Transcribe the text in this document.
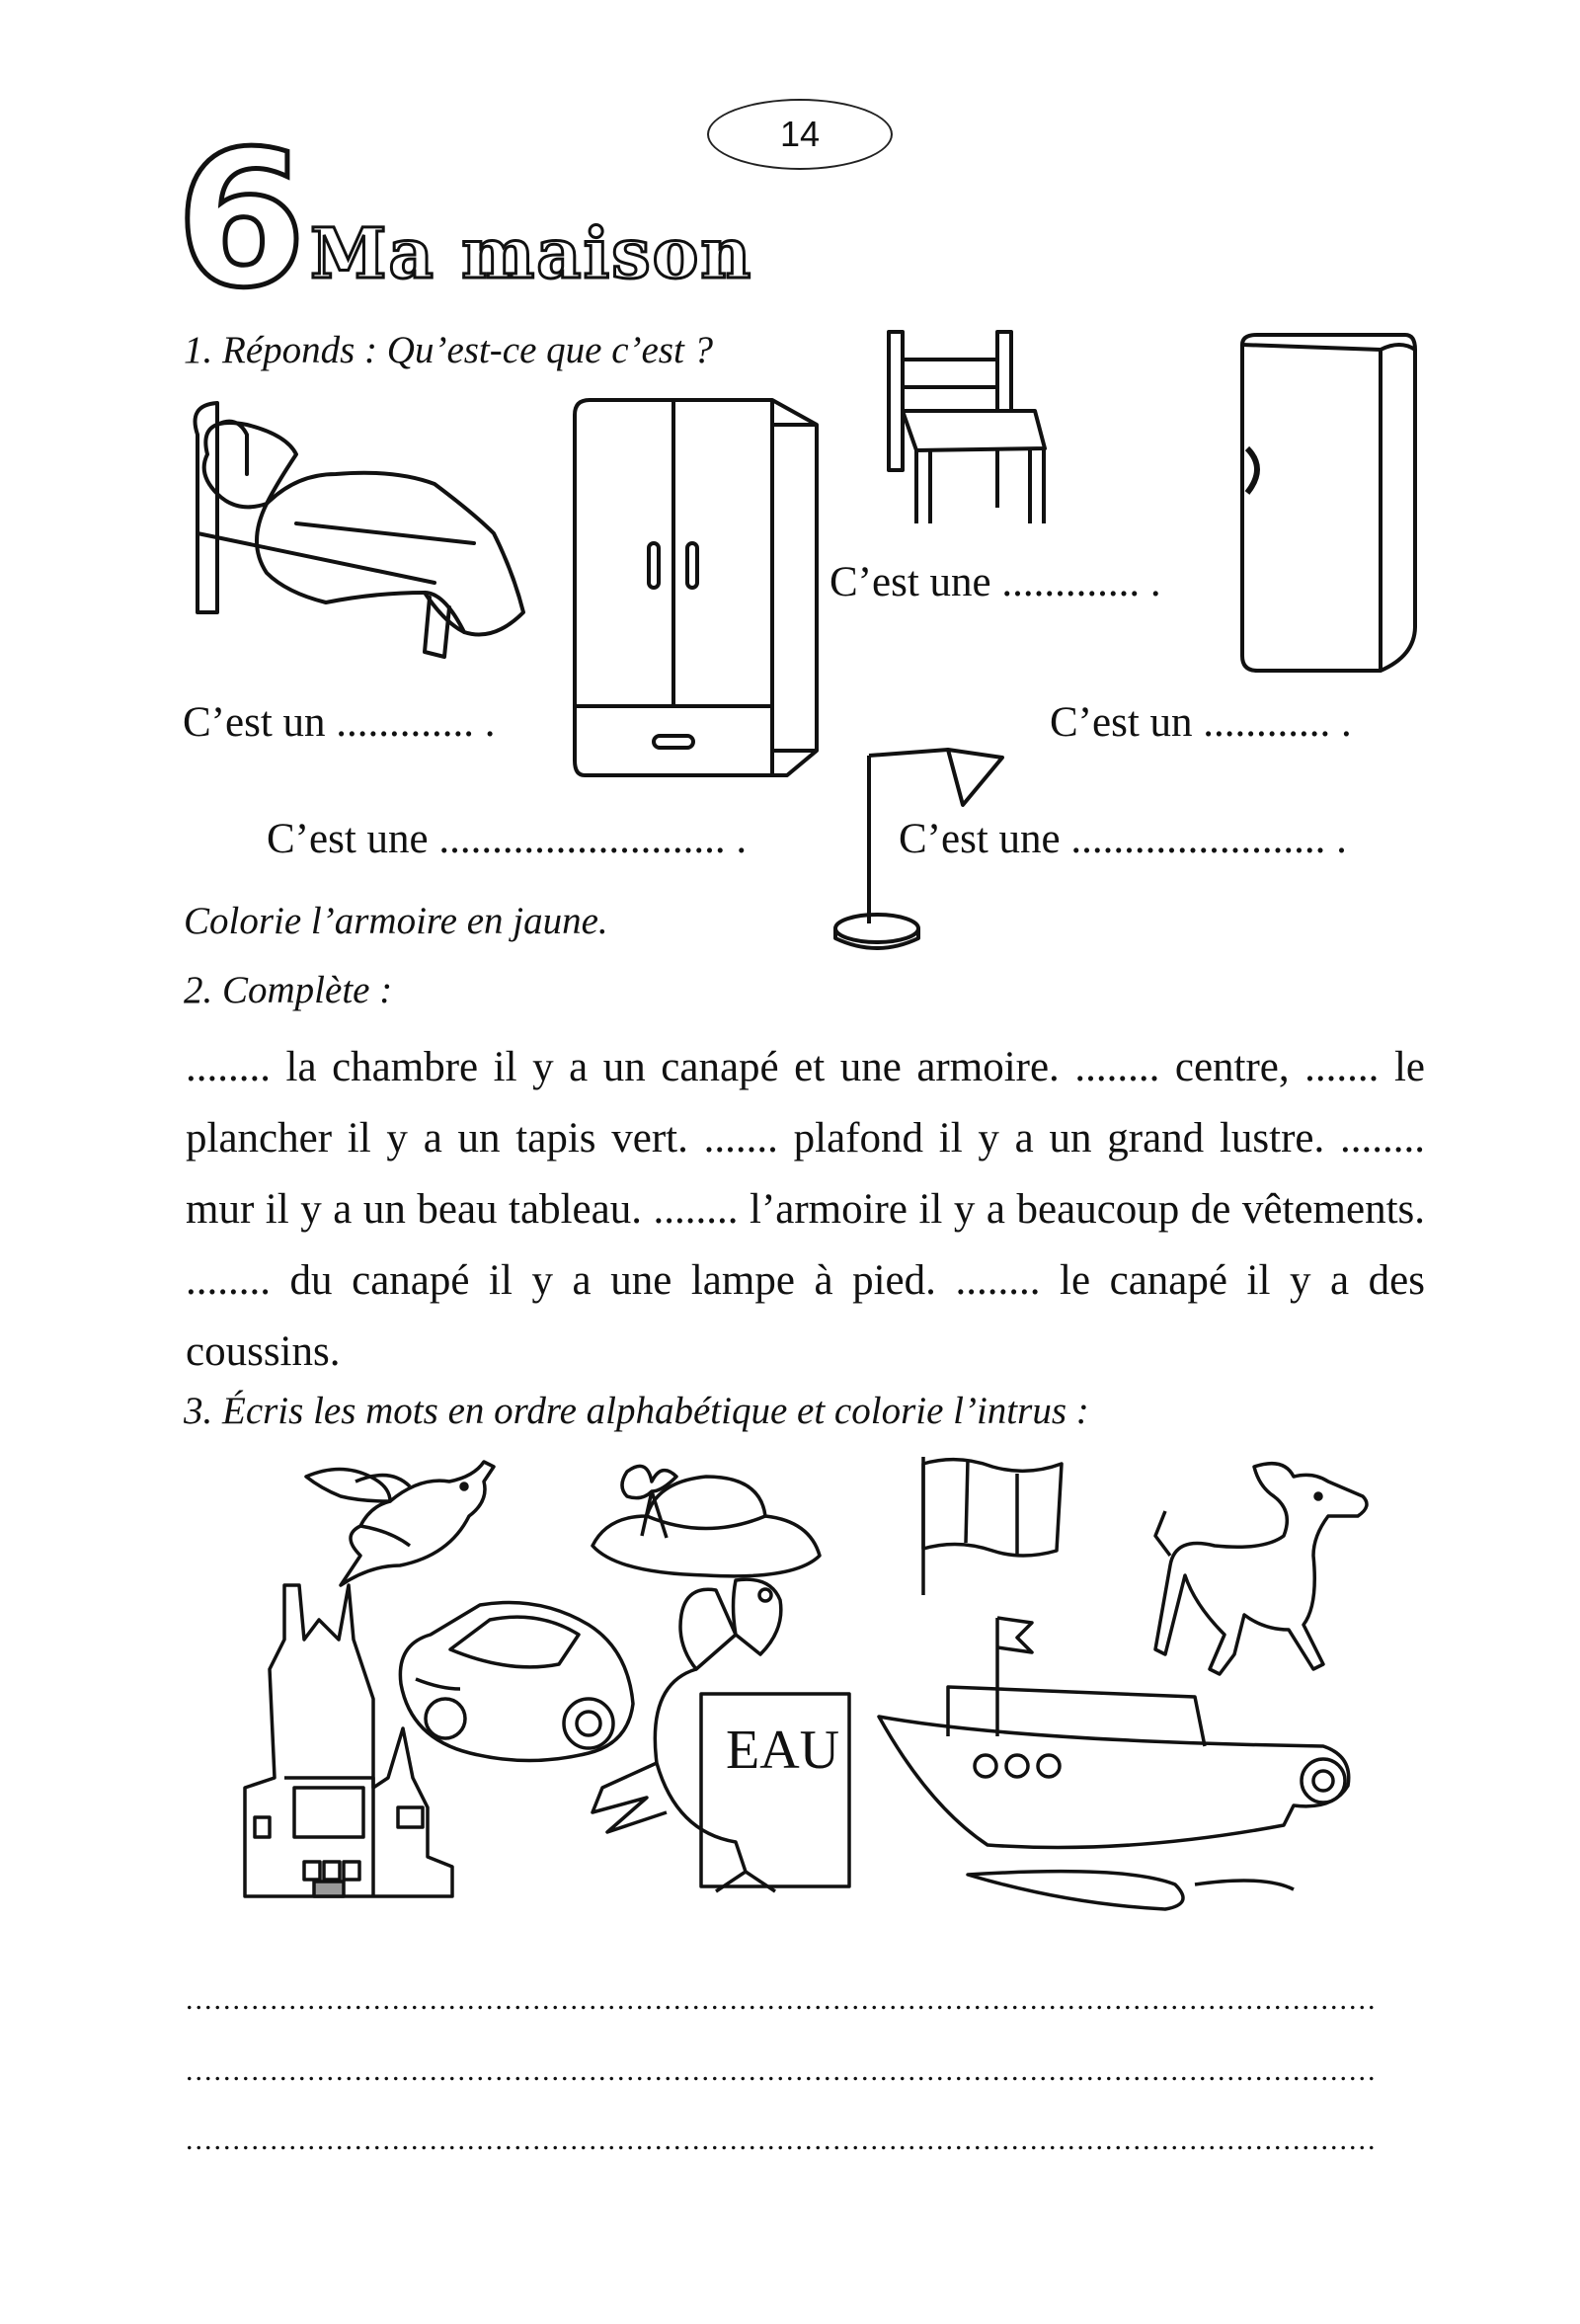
14
6 Ma maison
1. Réponds : Qu’est-ce que c’est ?
C’est un ............. .
C’est une ............. .
C’est un ............ .
C’est une ........................... .	C’est une ........................ .
Colorie l’armoire en jaune.
2. Complète :
........ la chambre il y a un canapé et une armoire. ........ centre, ....... le plancher il y a un tapis vert. ....... plafond il y a un grand lustre. ........ mur il y a un beau tableau. ........ l’armoire il y a beaucoup de vêtements. ........ du canapé il y a une lampe à pied. ........ le canapé il y a des coussins.
3. Écris les mots en ordre alphabétique et colorie l’intrus :
EAU
...............................................................................................................................
...............................................................................................................................
...............................................................................................................................
